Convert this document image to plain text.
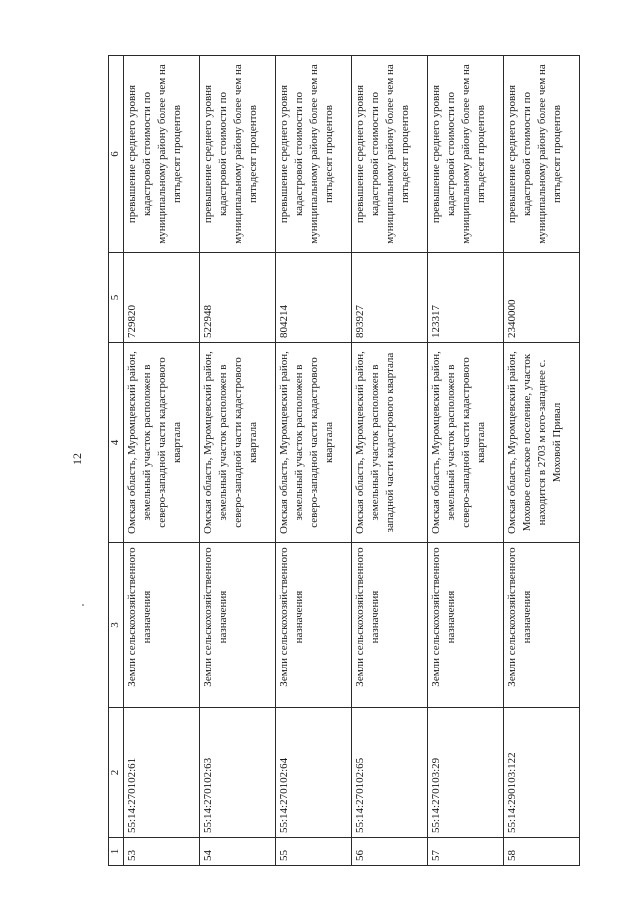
12
1	2	3	4	5	6
53	55:14:270102:61	Земли сельскохозяйственного назначения	Омская область, Муромцевский район, земельный участок расположен в северо-западной части кадастрового квартала	729820	превышение среднего уровня кадастровой стоимости по муниципальному району более чем на пятьдесят процентов
54	55:14:270102:63	Земли сельскохозяйственного назначения	Омская область, Муромцевский район, земельный участок расположен в северо-западной части кадастрового квартала	522948	превышение среднего уровня кадастровой стоимости по муниципальному району более чем на пятьдесят процентов
55	55:14:270102:64	Земли сельскохозяйственного назначения	Омская область, Муромцевский район, земельный участок расположен в северо-западной части кадастрового квартала	804214	превышение среднего уровня кадастровой стоимости по муниципальному району более чем на пятьдесят процентов
56	55:14:270102:65	Земли сельскохозяйственного назначения	Омская область, Муромцевский район, земельный участок расположен в западной части кадастрового квартала	893927	превышение среднего уровня кадастровой стоимости по муниципальному району более чем на пятьдесят процентов
57	55:14:270103:29	Земли сельскохозяйственного назначения	Омская область, Муромцевский район, земельный участок расположен в северо-западной части кадастрового квартала	123317	превышение среднего уровня кадастровой стоимости по муниципальному району более чем на пятьдесят процентов
58	55:14:290103:122	Земли сельскохозяйственного назначения	Омская область, Муромцевский район, Моховое сельское поселение, участок находится в 2703 м юго-западнее с. Моховой Привал	2340000	превышение среднего уровня кадастровой стоимости по муниципальному району более чем на пятьдесят процентов
